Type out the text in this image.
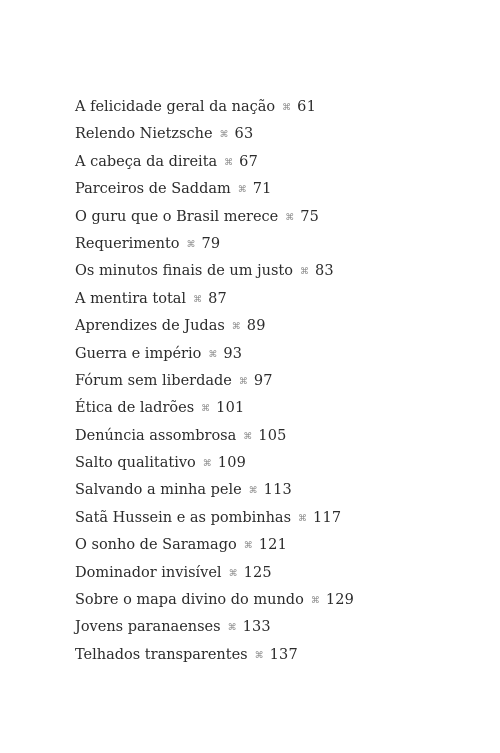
A felicidade geral da nação ⌘ 61
Relendo Nietzsche ⌘ 63
A cabeça da direita ⌘ 67
Parceiros de Saddam ⌘ 71
O guru que o Brasil merece ⌘ 75
Requerimento ⌘ 79
Os minutos finais de um justo ⌘ 83
A mentira total ⌘ 87
Aprendizes de Judas ⌘ 89
Guerra e império ⌘ 93
Fórum sem liberdade ⌘ 97
Ética de ladrões ⌘ 101
Denúncia assombrosa ⌘ 105
Salto qualitativo ⌘ 109
Salvando a minha pele ⌘ 113
Satã Hussein e as pombinhas ⌘ 117
O sonho de Saramago ⌘ 121
Dominador invisível ⌘ 125
Sobre o mapa divino do mundo ⌘ 129
Jovens paranaenses ⌘ 133
Telhados transparentes ⌘ 137
